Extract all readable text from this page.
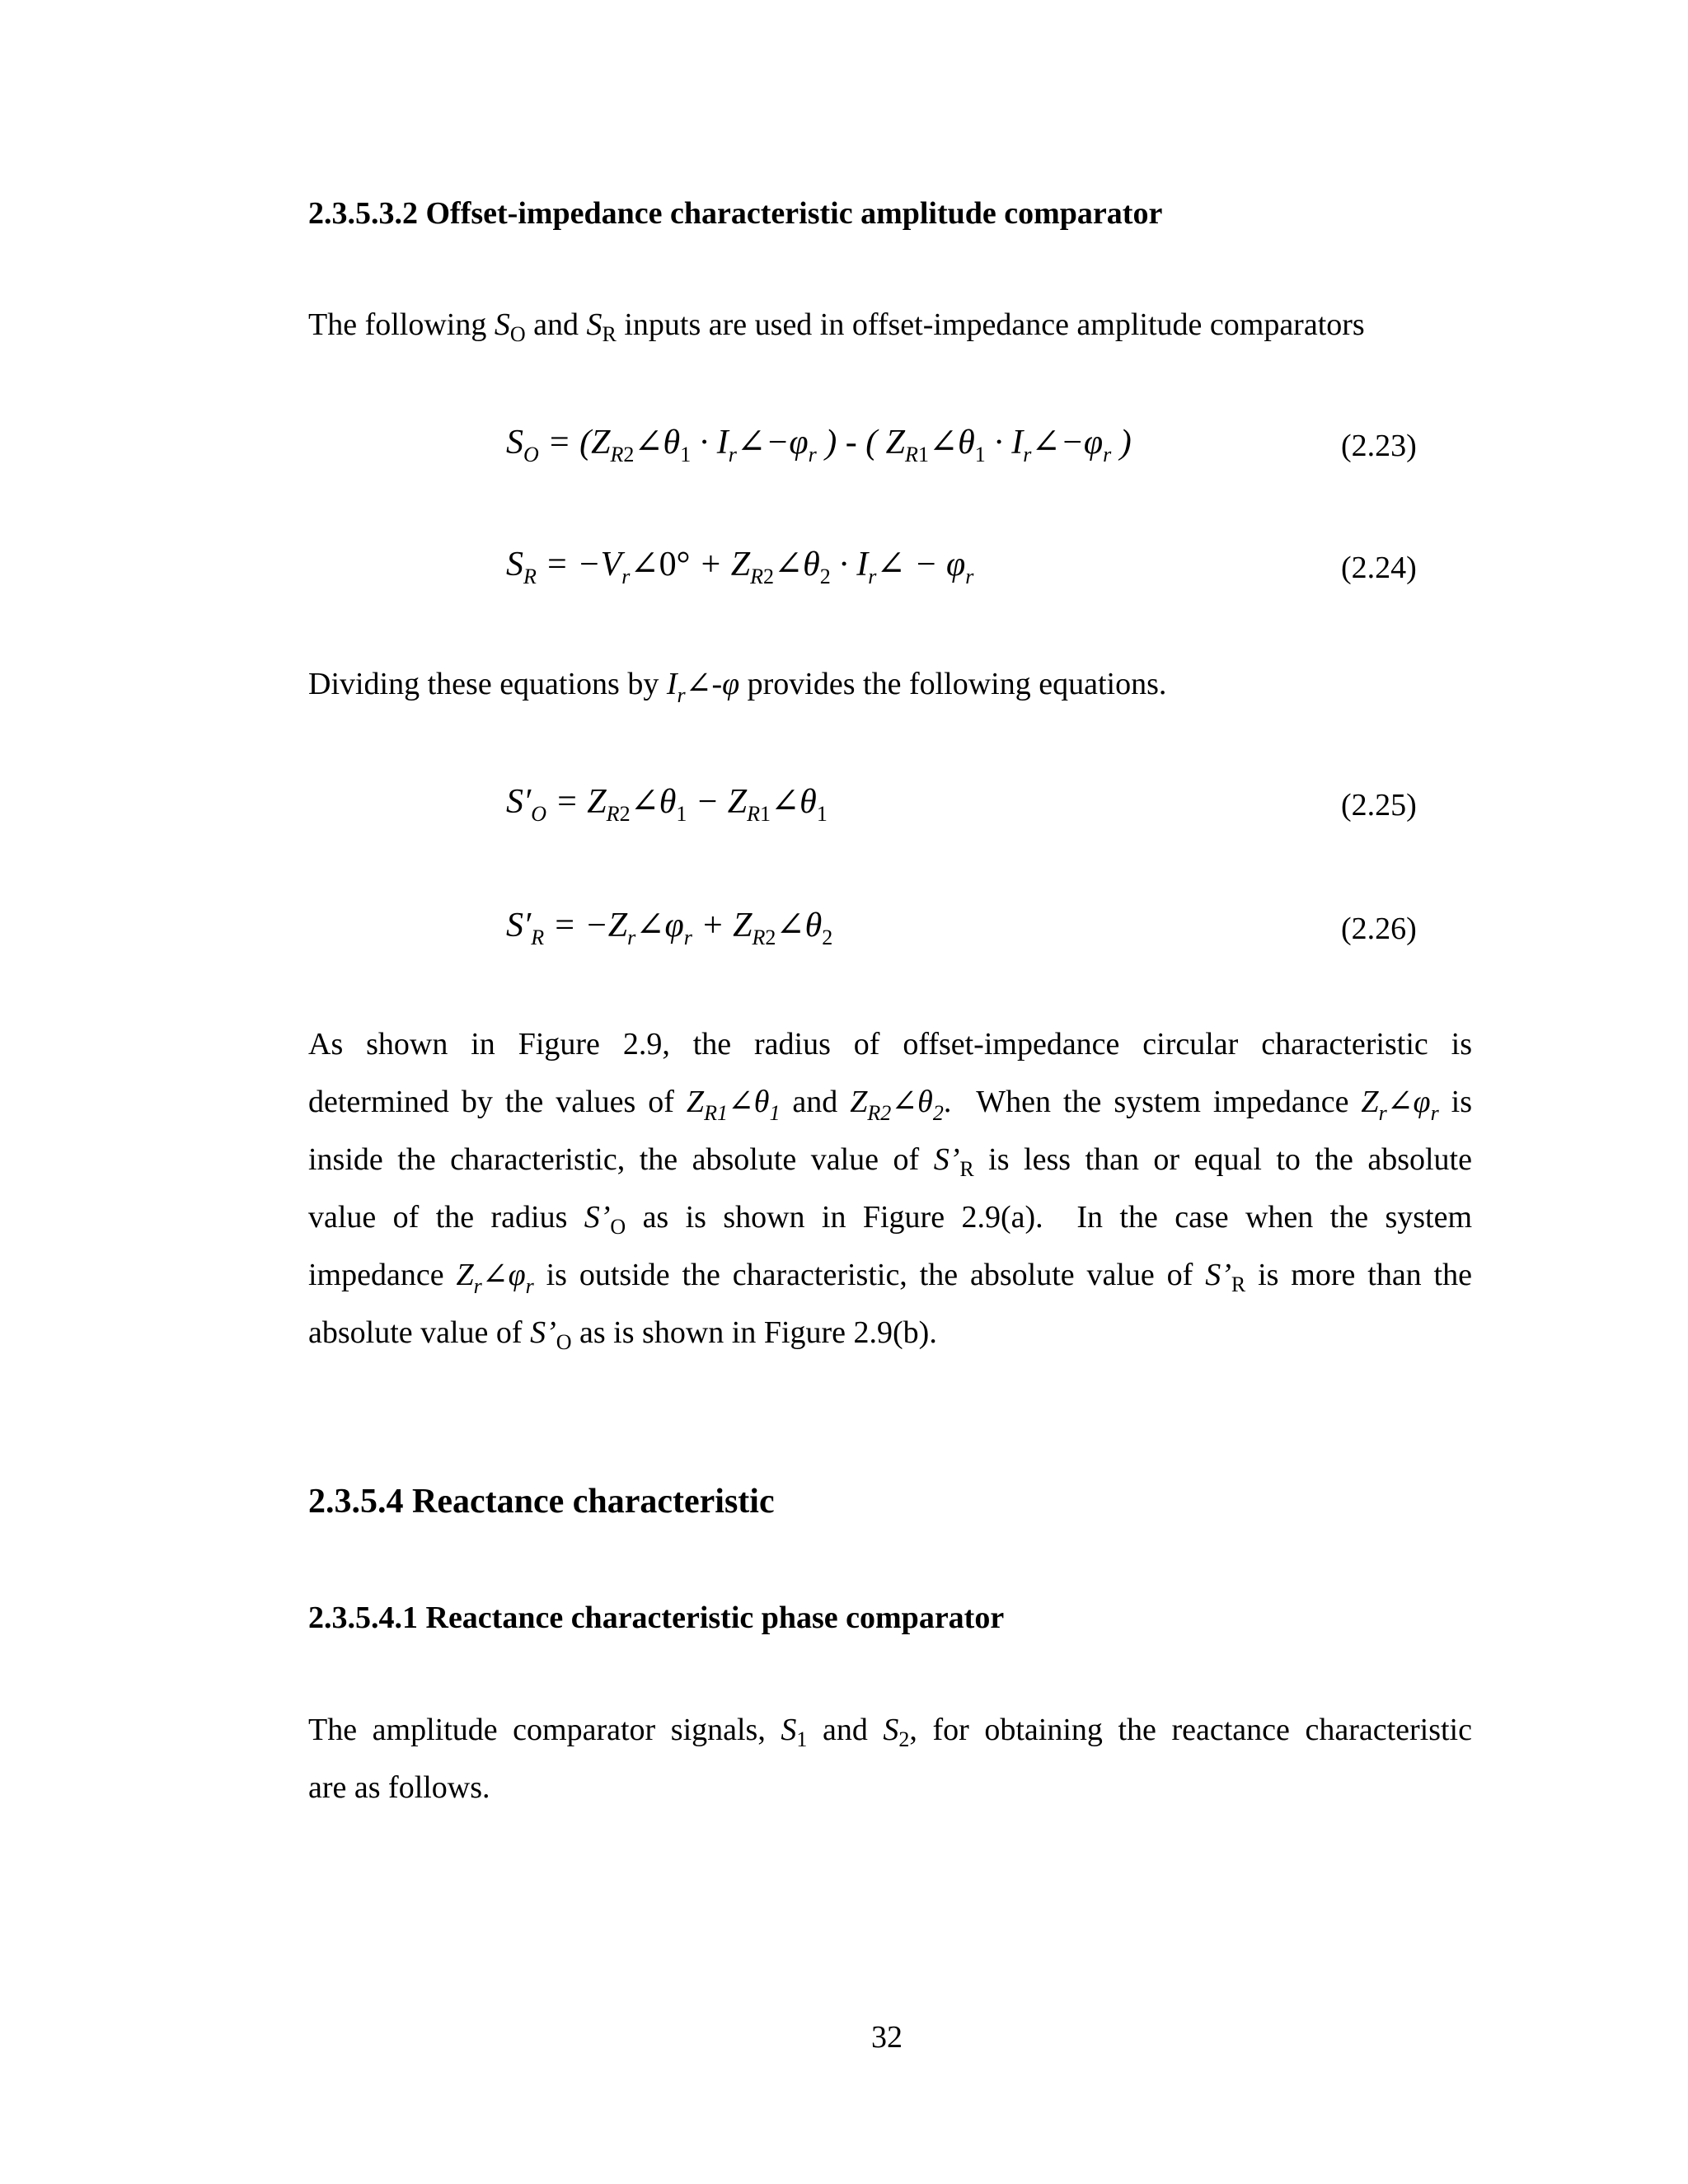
2.3.5.3.2 Offset-impedance characteristic amplitude comparator
The following $S_O$ and $S_R$ inputs are used in offset-impedance amplitude comparators
$S_O$ = ($Z_{R2}\angle\theta_1$ · $I_r\angle-\varphi_r$ ) - ( $Z_{R1}\angle\theta_1$ · $I_r\angle-\varphi_r$ )	(2.23)
$S_R$ = $-V_r\angle 0^\circ$ + $Z_{R2}\angle\theta_2$ · $I_r\angle - \varphi_r$	(2.24)
Dividing these equations by $I_r\angle-\varphi$ provides the following equations.
$S'_O$ = $Z_{R2}\angle\theta_1$ − $Z_{R1}\angle\theta_1$	(2.25)
$S'_R$ = $-Z_r\angle\varphi_r$ + $Z_{R2}\angle\theta_2$	(2.26)
As shown in Figure 2.9, the radius of offset-impedance circular characteristic is
determined by the values of $Z_{R1}\angle\theta_1$ and $Z_{R2}\angle\theta_2$.  When the system impedance $Z_r\angle\varphi_r$ is
inside the characteristic, the absolute value of $S’_R$ is less than or equal to the absolute
value of the radius $S’_O$ as is shown in Figure 2.9(a).  In the case when the system
impedance $Z_r\angle\varphi_r$ is outside the characteristic, the absolute value of $S’_R$ is more than the
absolute value of $S’_O$ as is shown in Figure 2.9(b).
2.3.5.4 Reactance characteristic
2.3.5.4.1 Reactance characteristic phase comparator
The amplitude comparator signals, $S_1$ and $S_2$, for obtaining the reactance characteristic
are as follows.
32
